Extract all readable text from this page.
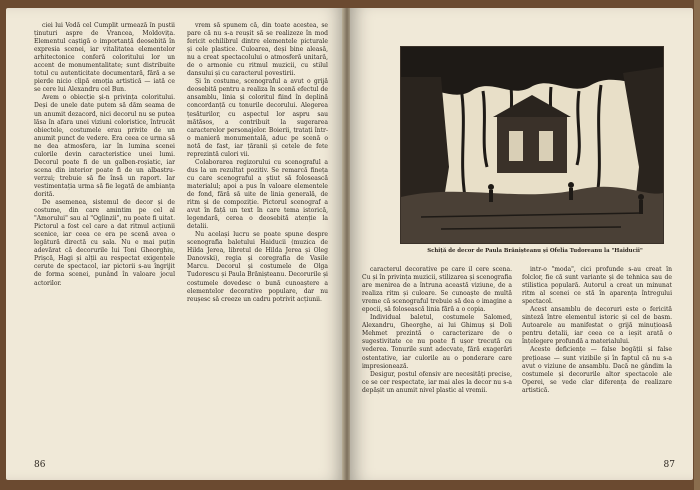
ciei lui Vodă cel Cumplit urmează în pustii ținuturi aspre de Vrancea, Moldovița. Elementul caștigă o importanță deosebită în expresia scenei, iar vitalitatea elementelor arhitectonice conferă coloritului lor un accent de monumentalitate; sunt distribuite totul cu autenticitate documentară, fără a se pierde nicio clipă emoția artistică — iată ce se cere lui Alexandru cel Bun.

Avem o obiecție și-n privința coloritului. Deși de unele date putem să dăm seama de un anumit dezacord, nici decorul nu se putea lăsa în afara unei viziuni coloristice, întrucât obiectele, costumele erau privite de un anumit punct de vedere. Era ceea ce urma să ne dea atmosfera, iar în lumina scenei culorile devin caracteristice unei lumi. Decorul poate fi de un galben-roșiatic, iar scena din interior poate fi de un albastru-verzui; trebuie să fie însă un raport. Iar vestimentația urma să fie legată de ambianța dorită.

De asemenea, sistemul de decor și de costume, din care amintim pe cel al "Amorului" sau al "Oglinzii", nu poate fi uitat. Pictorul a fost cel care a dat ritmul acțiunii scenice, iar ceea ce era pe scenă avea o legătură directă cu sala. Nu e mai puțin adevărat că decorurile lui Toni Gheorghiu, Prișcă, Hagi și alții au respectat exigențele cerute de spectacol, iar pictorii s-au îngrijit de forma scenei, punând în valoare jocul actorilor.

vrem să spunem că, din toate acestea, se pare că nu s-a reușit să se realizeze în mod fericit echilibrul dintre elementele picturale și cele plastice. Culoarea, deși bine aleasă, nu a creat spectacolului o atmosferă unitară, de o armonie cu ritmul muzicii, cu stilul dansului și cu caracterul povestirii.

Și în costume, scenograful a avut o grijă deosebită pentru a realiza în scenă efectul de ansamblu, linia și coloritul fiind în deplină concordanță cu tonurile decorului. Alegerea țesăturilor, cu aspectul lor aspru sau mătăsos, a contribuit la sugerarea caracterelor personajelor. Boierii, tratați într-o manieră monumentală, aduc pe scenă o notă de fast, iar țăranii și cetele de fete reprezintă culori vii.

Colaborarea regizorului cu scenograful a dus la un rezultat pozitiv. Se remarcă fineța cu care scenograful a știut să folosească materialul; apoi a pus în valoare elementele de fond, fără să uite de linia generală, de ritm și de compoziție. Pictorul scenograf a avut în față un text în care tema istorică, legendară, cerea o deosebită atenție la detalii.

Nu același lucru se poate spune despre scenografia baletului Haiducii (muzica de Hilda Jerea, libretul de Hilda Jerea și Oleg Danovski), regia și coregrafia de Vasile Marcu. Decorul și costumele de Olga Tudorescu și Paula Brănișteanu. Decorurile și costumele dovedesc o bună cunoaștere a elementelor decorative populare, dar nu reușesc să creeze un cadru potrivit acțiunii.

86
Schiță de decor de Paula Brănișteanu și Ofelia Tudoreanu la "Haiducii"

caracterul decorative pe care il cere scena. Cu și în privința muzicii, stilizarea și scenografia are menirea de a întruna această viziune, de a realiza ritm și culoare. Se cunoaște de multă vreme că scenograful trebuie să dea o imagine a epocii, să folosească linia fără a o copia.

Individual baletul, costumele Salomed, Alexandru, Gheorghe, ai lui Ghimuș și Doli Mehmet prezintă o caracterizare de o sugestivitate ce nu poate fi ușor trecută cu vederea. Tonurile sunt adecvate, fără exagerări ostentative, iar culorile au o ponderare care impresionează.

Desigur, postul ofensiv are necesități precise, ce se cer respectate, iar mai ales la decor nu s-a depășit un anumit nivel plastic al vremii.

intr-o "moda", cici profunde s-au creat în folclor, fie că sunt variante și de tehnica sau de stilistica populară. Autorul a creat un minunat ritm al scenei ce stă în aparența întregului spectacol.

Acest ansamblu de decoruri este o fericită sinteză între elementul istoric și cel de basm. Autoarele au manifestat o grijă minuțioasă pentru detalii, iar ceea ce a ieșit arată o înțelegere profundă a materialului.

Aceste deficiențe — false bogății și false prețioase — sunt vizibile și în faptul că nu s-a avut o viziune de ansamblu. Dacă ne gândim la costumele și decorurile altor spectacole ale Operei, se vede clar diferența de realizare artistică.

87
